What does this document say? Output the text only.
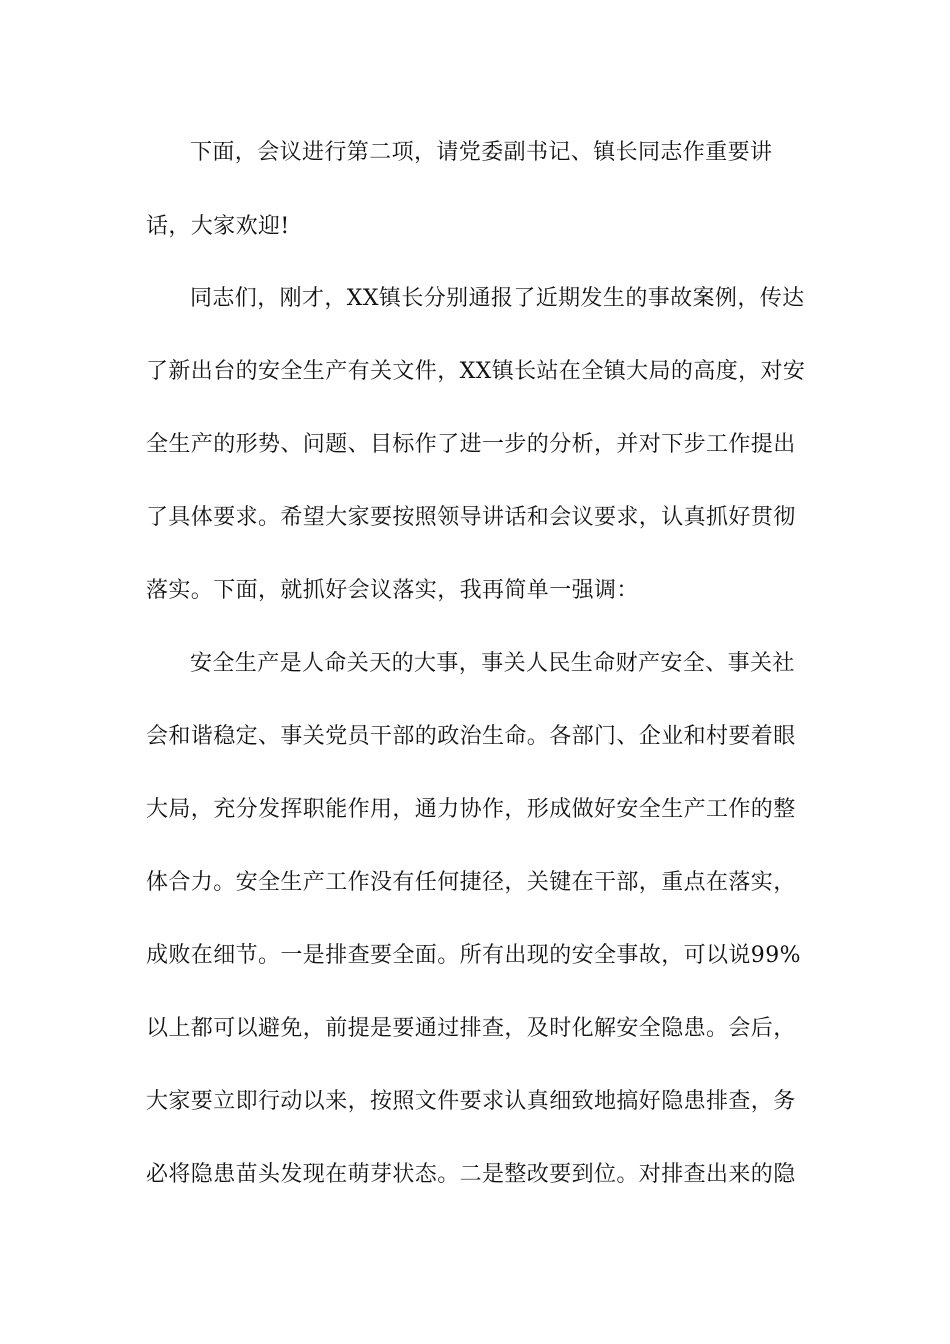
下面，会议进行第二项，请党委副书记、镇长同志作重要讲
话，大家欢迎!
同志们，刚才，XX镇长分别通报了近期发生的事故案例，传达
了新出台的安全生产有关文件，XX镇长站在全镇大局的高度，对安
全生产的形势、问题、目标作了进一步的分析，并对下步工作提出
了具体要求。希望大家要按照领导讲话和会议要求，认真抓好贯彻
落实。下面，就抓好会议落实，我再简单一强调：
安全生产是人命关天的大事，事关人民生命财产安全、事关社
会和谐稳定、事关党员干部的政治生命。各部门、企业和村要着眼
大局，充分发挥职能作用，通力协作，形成做好安全生产工作的整
体合力。安全生产工作没有任何捷径，关键在干部，重点在落实，
成败在细节。一是排查要全面。所有出现的安全事故，可以说99%
以上都可以避免，前提是要通过排查，及时化解安全隐患。会后，
大家要立即行动以来，按照文件要求认真细致地搞好隐患排查，务
必将隐患苗头发现在萌芽状态。二是整改要到位。对排查出来的隐
